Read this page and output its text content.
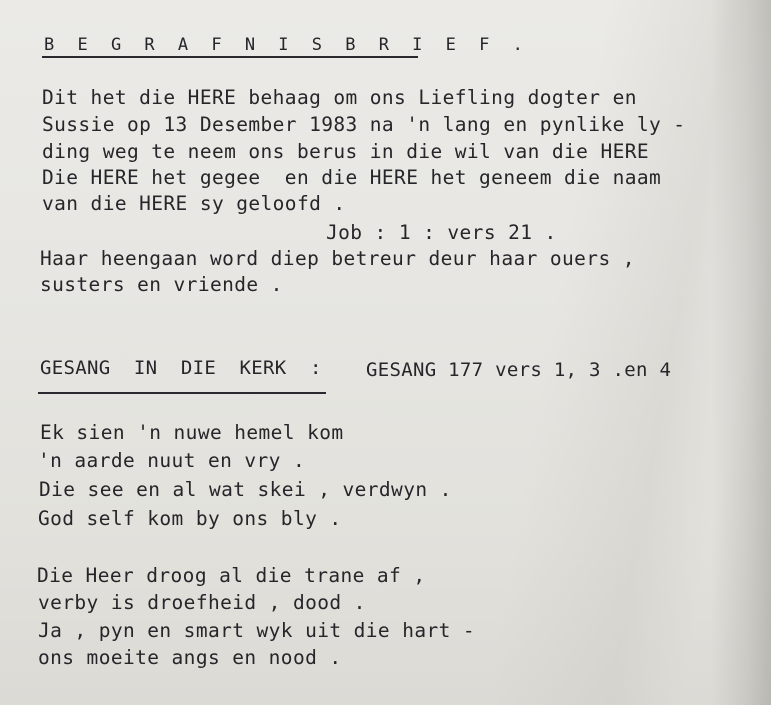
B E G R A F N I S B R I E F .
Dit het die HERE behaag om ons Liefling dogter en
Sussie op 13 Desember 1983 na 'n lang en pynlike ly -
ding weg te neem ons berus in die wil van die HERE
Die HERE het gegee  en die HERE het geneem die naam
van die HERE sy geloofd .
Job : 1 : vers 21 .
Haar heengaan word diep betreur deur haar ouers ,
susters en vriende .
GESANG  IN  DIE  KERK  : GESANG 177 vers 1, 3 .en 4
Ek sien 'n nuwe hemel kom
'n aarde nuut en vry .
Die see en al wat skei , verdwyn .
God self kom by ons bly .
Die Heer droog al die trane af ,
verby is droefheid , dood .
Ja , pyn en smart wyk uit die hart -
ons moeite angs en nood .
